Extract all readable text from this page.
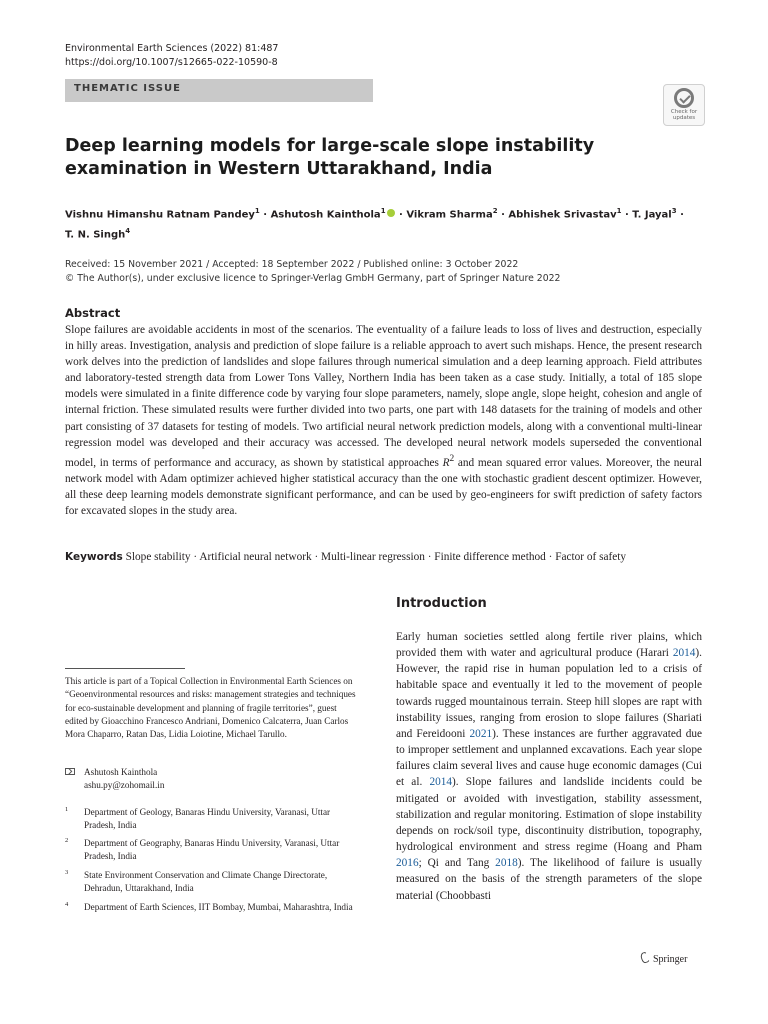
Environmental Earth Sciences (2022) 81:487
https://doi.org/10.1007/s12665-022-10590-8
THEMATIC ISSUE
Check for updates
Deep learning models for large-scale slope instability examination in Western Uttarakhand, India
Vishnu Himanshu Ratnam Pandey$^1$ · Ashutosh Kainthola$^1$ · Vikram Sharma$^2$ · Abhishek Srivastav$^1$ · T. Jayal$^3$ ·
T. N. Singh$^4$
Received: 15 November 2021 / Accepted: 18 September 2022 / Published online: 3 October 2022
© The Author(s), under exclusive licence to Springer-Verlag GmbH Germany, part of Springer Nature 2022
Abstract

Slope failures are avoidable accidents in most of the scenarios. The eventuality of a failure leads to loss of lives and destruction, especially in hilly areas. Investigation, analysis and prediction of slope failure is a reliable approach to avert such mishaps. Hence, the present research work delves into the prediction of landslides and slope failures through numerical simulation and a deep learning approach. Field attributes and laboratory-tested strength data from Lower Tons Valley, Northern India has been taken as a case study. Initially, a total of 185 slope models were simulated in a finite difference code by varying four slope parameters, namely, slope angle, slope height, cohesion and angle of internal friction. These simulated results were further divided into two parts, one part with 148 datasets for the training of models and other part consisting of 37 datasets for testing of models. Two artificial neural network prediction models, along with a conventional multi-linear regression model was developed and their accuracy was accessed. The developed neural network models superseded the conventional model, in terms of performance and accuracy, as shown by statistical approaches $R^2$ and mean squared error values. Moreover, the neural network model with Adam optimizer achieved higher statistical accuracy than the one with stochastic gradient descent optimizer. However, all these deep learning models demonstrate significant performance, and can be used by geo-engineers for swift prediction of safety factors for excavated slopes in the study area.

Keywords Slope stability · Artificial neural network · Multi-linear regression · Finite difference method · Factor of safety
Introduction

Early human societies settled along fertile river plains, which provided them with water and agricultural produce (Harari 2014). However, the rapid rise in human population led to a crisis of habitable space and eventually it led to the movement of people towards rugged mountainous terrain. Steep hill slopes are rapt with instability issues, ranging from erosion to slope failures (Shariati and Fereidooni 2021). These instances are further aggravated due to improper settlement and unplanned excavations. Each year slope failures claim several lives and cause huge economic damages (Cui et al. 2014). Slope failures and landslide incidents could be mitigated or avoided with investigation, stability assessment, stabilization and regular monitoring. Estimation of slope instability depends on rock/soil type, discontinuity distribution, topography, hydrological environment and stress regime (Hoang and Pham 2016; Qi and Tang 2018). The likelihood of failure is usually measured on the basis of the strength parameters of the slope material (Choobbasti

This article is part of a Topical Collection in Environmental Earth Sciences on “Geoenvironmental resources and risks: management strategies and techniques for eco-sustainable development and planning of fragile territories”, guest edited by Gioacchino Francesco Andriani, Domenico Calcaterra, Juan Carlos Mora Chaparro, Ratan Das, Lidia Loiotine, Michael Tarullo.

Ashutosh Kainthola
ashu.py@zohomail.in
1 Department of Geology, Banaras Hindu University, Varanasi, Uttar Pradesh, India
2 Department of Geography, Banaras Hindu University, Varanasi, Uttar Pradesh, India
3 State Environment Conservation and Climate Change Directorate, Dehradun, Uttarakhand, India
4 Department of Earth Sciences, IIT Bombay, Mumbai, Maharashtra, India
Springer
